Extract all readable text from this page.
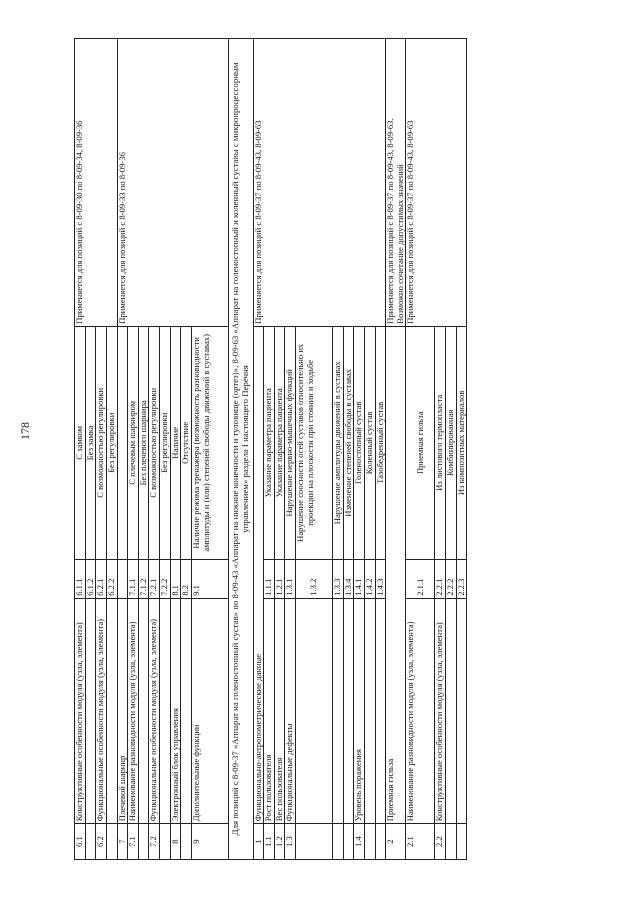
178
6.1	Конструктивные особенности модуля (узла, элемента)	6.1.1	С замком	Применяется для позиций с 8-09-30 по 8-09-34, 8-09-36
		6.1.2	Без замка	
6.2	Функциональные особенности модуля (узла, элемента)	6.2.1	С возможностью регулировки	
		6.2.2	Без регулировки	
7	Плечевой шарнир			Применяется для позиций с 8-09-33 по 8-09-36
7.1	Наименование разновидности модуля (узла, элемента)	7.1.1	С плечевым шарниром	
		7.1.2	Без плечевого шарнира	
7.2	Функциональные особенности модуля (узла, элемента)	7.2.1	С возможностью регулировки	
		7.2.2	Без регулировки	
8	Электронный блок управления	8.1	Наличие	
		8.2	Отсутствие	
9	Дополнительные функции	9.1	Наличие режима тренажера (возможность разновидности амплитуды и (или) степеней свободы движений в суставах)	
Для позиций с 8-09-37 «Аппарат на голеностопный сустав» по 8-09-43 «Аппарат на нижние конечности и туловище (ортез)», 8-09-63 «Аппарат на голеностопный и коленный суставы с микропроцессорным управлением» раздела I настоящего Перечня				
1	Функционально-антропометрические данные			Применяется для позиций с 8-09-37 по 8-09-43, 8-09-63

1.1	Рост пользователя	1.1.1	Указание параметра пациента	
1.2	Вес пользователя	1.2.1	Указание параметра пациента	
1.3	Функциональные дефекты	1.3.1	Нарушение нервно-мышечных функций	
		1.3.2	Нарушение соосности осей суставов относительно их проекции на плоскости при стоянии и ходьбе	
		1.3.3	Нарушение амплитуды движений в суставах	
		1.3.4	Изменение степеней свободы в суставах	
1.4	Уровень поражения	1.4.1	Голеностопный сустав	
		1.4.2	Коленный сустав	
		1.4.3	Тазобедренный сустав	
2	Приемная гильза			Применяется для позиций с 8-09-37 по 8-09-43, 8-09-63. Возможно сочетание допустимых значений

2.1	Наименование разновидности модуля (узла, элемента)	2.1.1	Приемная гильза	Применяется для позиций с 8-09-37 по 8-09-43, 8-09-63
2.2	Конструктивные особенности модуля (узла, элемента)	2.2.1	Из листового термопласта	
		2.2.2	Комбинированная	
		2.2.3	Из композитных материалов	
